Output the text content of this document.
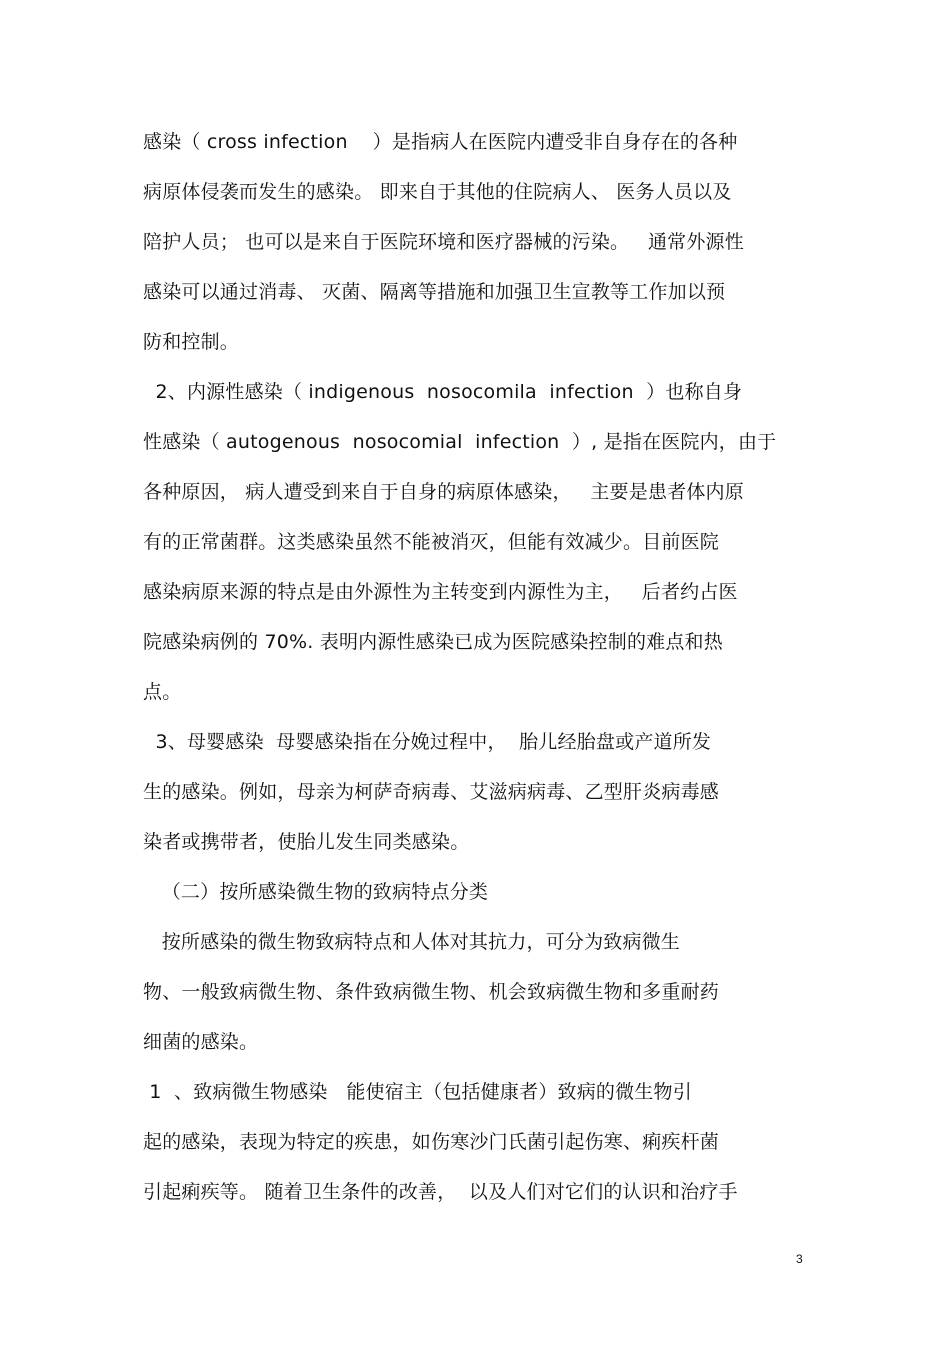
感染（ cross infection    ）是指病人在医院内遭受非自身存在的各种
病原体侵袭而发生的感染。 即来自于其他的住院病人、 医务人员以及
陪护人员； 也可以是来自于医院环境和医疗器械的污染。   通常外源性
感染可以通过消毒、 灭菌、隔离等措施和加强卫生宣教等工作加以预
防和控制。
2、内源性感染（ indigenous  nosocomila  infection  ）也称自身
性感染（ autogenous  nosocomial  infection  ）, 是指在医院内，由于
各种原因， 病人遭受到来自于自身的病原体感染，   主要是患者体内原
有的正常菌群。这类感染虽然不能被消灭，但能有效减少。目前医院
感染病原来源的特点是由外源性为主转变到内源性为主，   后者约占医
院感染病例的 70%. 表明内源性感染已成为医院感染控制的难点和热
点。
3、母婴感染  母婴感染指在分娩过程中，  胎儿经胎盘或产道所发
生的感染。例如，母亲为柯萨奇病毒、艾滋病病毒、乙型肝炎病毒感
染者或携带者，使胎儿发生同类感染。
（二）按所感染微生物的致病特点分类
按所感染的微生物致病特点和人体对其抗力，可分为致病微生
物、一般致病微生物、条件致病微生物、机会致病微生物和多重耐药
细菌的感染。
1  、致病微生物感染   能使宿主（包括健康者）致病的微生物引
起的感染，表现为特定的疾患，如伤寒沙门氏菌引起伤寒、痢疾杆菌
引起痢疾等。 随着卫生条件的改善，  以及人们对它们的认识和治疗手
3
